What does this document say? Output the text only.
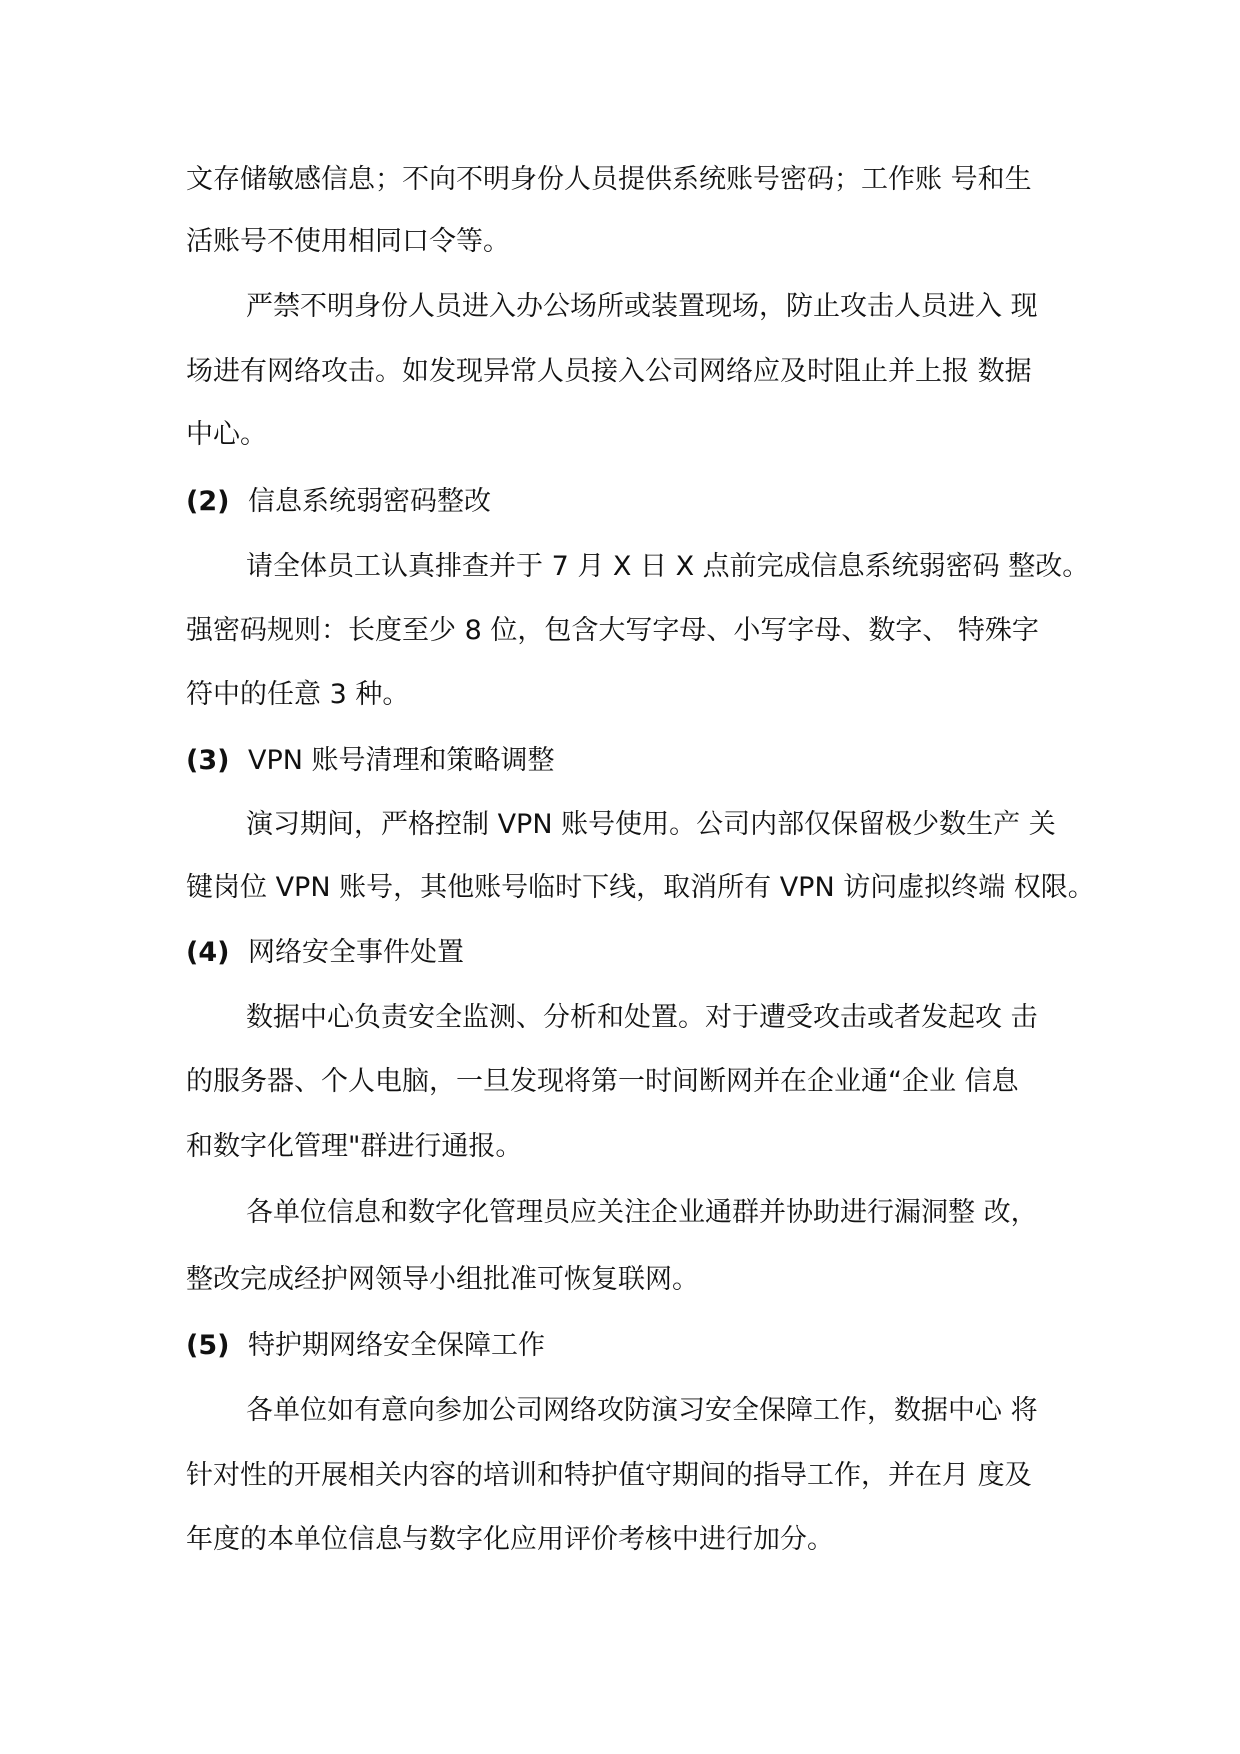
文存储敏感信息；不向不明身份人员提供系统账号密码；工作账 号和生
活账号不使用相同口令等。
严禁不明身份人员进入办公场所或装置现场，防止攻击人员进入 现
场进有网络攻击。如发现异常人员接入公司网络应及时阻止并上报 数据
中心。
(2) 信息系统弱密码整改
请全体员工认真排查并于 7 月 X 日 X 点前完成信息系统弱密码 整改。
强密码规则：长度至少 8 位，包含大写字母、小写字母、数字、 特殊字
符中的任意 3 种。
(3) VPN 账号清理和策略调整
演习期间，严格控制 VPN 账号使用。公司内部仅保留极少数生产 关
键岗位 VPN 账号，其他账号临时下线，取消所有 VPN 访问虚拟终端 权限。
(4) 网络安全事件处置
数据中心负责安全监测、分析和处置。对于遭受攻击或者发起攻 击
的服务器、个人电脑，一旦发现将第一时间断网并在企业通“企业 信息
和数字化管理"群进行通报。
各单位信息和数字化管理员应关注企业通群并协助进行漏洞整 改，
整改完成经护网领导小组批准可恢复联网。
(5) 特护期网络安全保障工作
各单位如有意向参加公司网络攻防演习安全保障工作，数据中心 将
针对性的开展相关内容的培训和特护值守期间的指导工作，并在月 度及
年度的本单位信息与数字化应用评价考核中进行加分。
